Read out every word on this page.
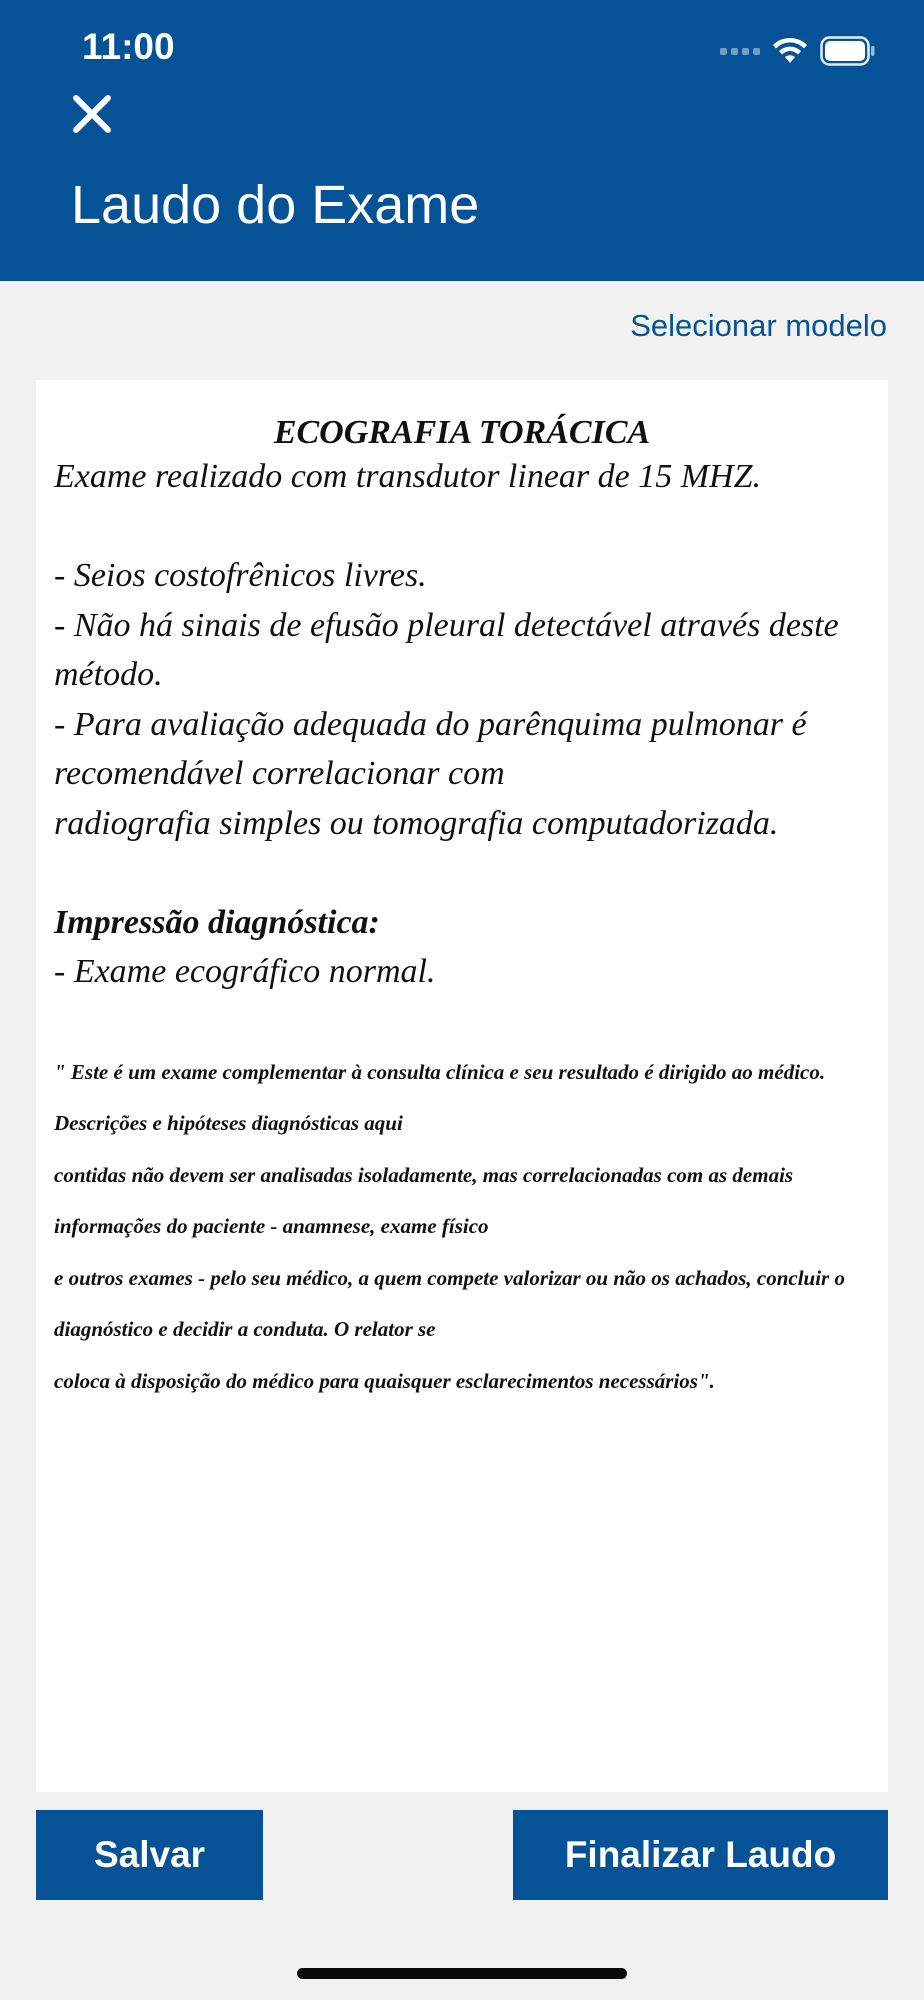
11:00
Laudo do Exame
Selecionar modelo
ECOGRAFIA TORÁCICA

Exame realizado com transdutor linear de 15 MHZ.

- Seios costofrênicos livres.

- Não há sinais de efusão pleural detectável através deste método.

- Para avaliação adequada do parênquima pulmonar é recomendável correlacionar com

radiografia simples ou tomografia computadorizada.

Impressão diagnóstica:

- Exame ecográfico normal.

" Este é um exame complementar à consulta clínica e seu resultado é dirigido ao médico. Descrições e hipóteses diagnósticas aqui

contidas não devem ser analisadas isoladamente, mas correlacionadas com as demais informações do paciente - anamnese, exame físico

e outros exames - pelo seu médico, a quem compete valorizar ou não os achados, concluir o diagnóstico e decidir a conduta. O relator se

coloca à disposição do médico para quaisquer esclarecimentos necessários".

Salvar	Finalizar Laudo
